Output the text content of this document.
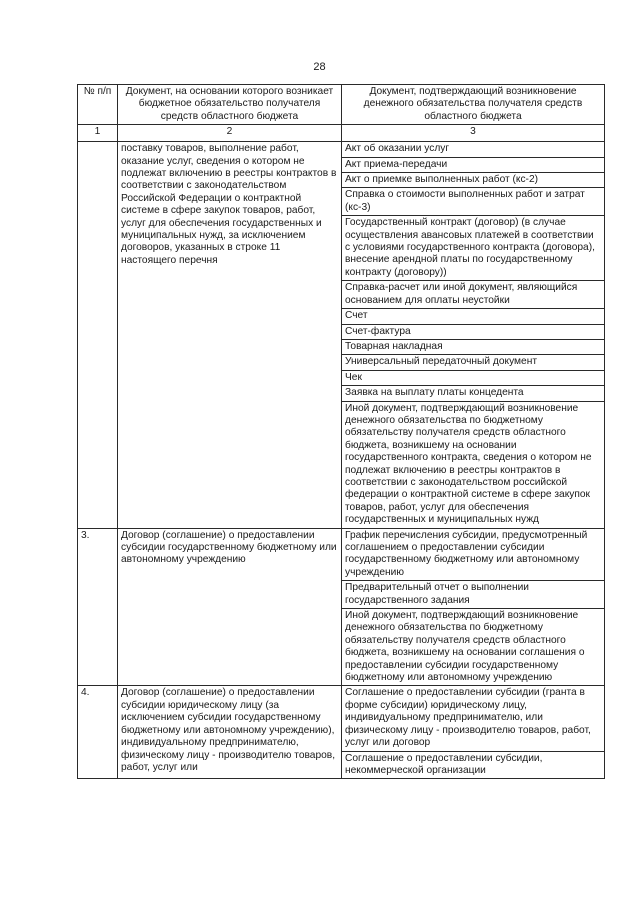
28
№ п/п	Документ, на основании которого возникает бюджетное обязательство получателя средств областного бюджета	Документ, подтверждающий возникновение денежного обязательства получателя средств областного бюджета
1	2	3
	поставку товаров, выполнение работ, оказание услуг, сведения о котором не подлежат включению в реестры контрактов в соответствии с законодательством Российской Федерации о контрактной системе в сфере закупок товаров, работ, услуг для обеспечения государственных и муниципальных нужд, за исключением договоров, указанных в строке 11 настоящего перечня	Акт об оказании услуг
		Акт приема-передачи
		Акт о приемке выполненных работ (кс-2)
		Справка о стоимости выполненных работ и затрат (кс-3)
		Государственный контракт (договор) (в случае осуществления авансовых платежей в соответствии с условиями государственного контракта (договора), внесение арендной платы по государственному контракту (договору))
		Справка-расчет или иной документ, являющийся основанием для оплаты неустойки
		Счет
		Счет-фактура
		Товарная накладная
		Универсальный передаточный документ
		Чек
		Заявка на выплату платы концедента
		Иной документ, подтверждающий возникновение денежного обязательства по бюджетному обязательству получателя средств областного бюджета, возникшему на основании государственного контракта, сведения о котором не подлежат включению в реестры контрактов в соответствии с законодательством российской федерации о контрактной системе в сфере закупок товаров, работ, услуг для обеспечения государственных и муниципальных нужд
3.	Договор (соглашение) о предоставлении субсидии государственному бюджетному или автономному учреждению	График перечисления субсидии, предусмотренный соглашением о предоставлении субсидии государственному бюджетному или автономному учреждению
		Предварительный отчет о выполнении государственного задания
		Иной документ, подтверждающий возникновение денежного обязательства по бюджетному обязательству получателя средств областного бюджета, возникшему на основании соглашения о предоставлении субсидии государственному бюджетному или автономному учреждению
4.	Договор (соглашение) о предоставлении субсидии юридическому лицу (за исключением субсидии государственному бюджетному или автономному учреждению), индивидуальному предпринимателю, физическому лицу - производителю товаров, работ, услуг или	Соглашение о предоставлении субсидии (гранта в форме субсидии) юридическому лицу, индивидуальному предпринимателю, или физическому лицу - производителю товаров, работ, услуг или договор
		Соглашение о предоставлении субсидии, некоммерческой организации
